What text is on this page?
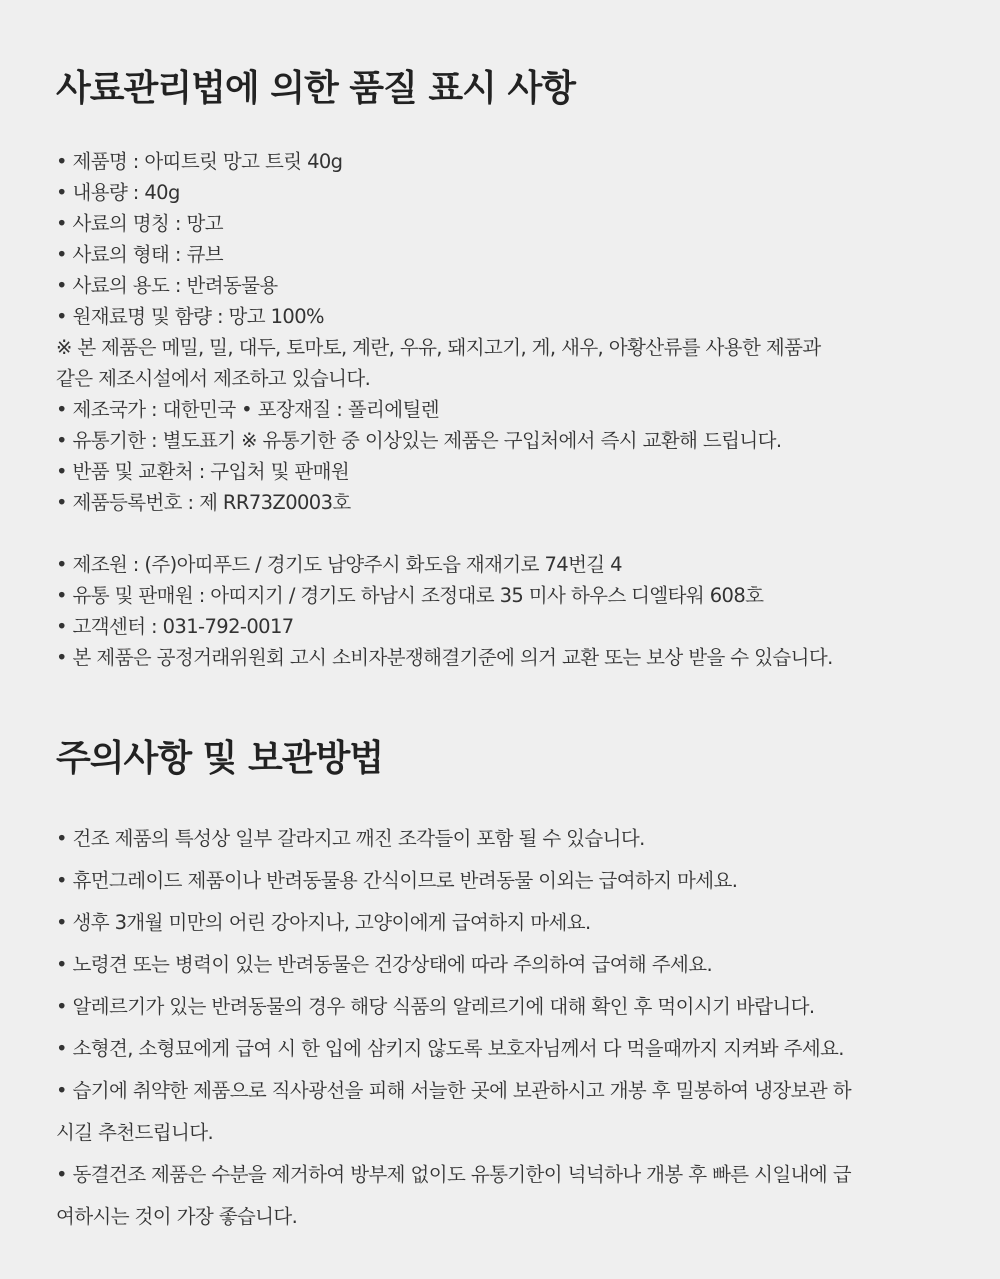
사료관리법에 의한 품질 표시 사항
• 제품명 : 아띠트릿 망고 트릿 40g
• 내용량 : 40g
• 사료의 명칭 : 망고
• 사료의 형태 : 큐브
• 사료의 용도 : 반려동물용
• 원재료명 및 함량 : 망고 100%
※ 본 제품은 메밀, 밀, 대두, 토마토, 계란, 우유, 돼지고기, 게, 새우, 아황산류를 사용한 제품과
같은 제조시설에서 제조하고 있습니다.
• 제조국가 : 대한민국 • 포장재질 : 폴리에틸렌
• 유통기한 : 별도표기 ※ 유통기한 중 이상있는 제품은 구입처에서 즉시 교환해 드립니다.
• 반품 및 교환처 : 구입처 및 판매원
• 제품등록번호 : 제 RR73Z0003호
• 제조원 : (주)아띠푸드 / 경기도 남양주시 화도읍 재재기로 74번길 4
• 유통 및 판매원 : 아띠지기 / 경기도 하남시 조정대로 35 미사 하우스 디엘타워 608호
• 고객센터 : 031-792-0017
• 본 제품은 공정거래위원회 고시 소비자분쟁해결기준에 의거 교환 또는 보상 받을 수 있습니다.
주의사항 및 보관방법
• 건조 제품의 특성상 일부 갈라지고 깨진 조각들이 포함 될 수 있습니다.
• 휴먼그레이드 제품이나 반려동물용 간식이므로 반려동물 이외는 급여하지 마세요.
• 생후 3개월 미만의 어린 강아지나, 고양이에게 급여하지 마세요.
• 노령견 또는 병력이 있는 반려동물은 건강상태에 따라 주의하여 급여해 주세요.
• 알레르기가 있는 반려동물의 경우 해당 식품의 알레르기에 대해 확인 후 먹이시기 바랍니다.
• 소형견, 소형묘에게 급여 시 한 입에 삼키지 않도록 보호자님께서 다 먹을때까지 지켜봐 주세요.
• 습기에 취약한 제품으로 직사광선을 피해 서늘한 곳에 보관하시고 개봉 후 밀봉하여 냉장보관 하
시길 추천드립니다.
• 동결건조 제품은 수분을 제거하여 방부제 없이도 유통기한이 넉넉하나 개봉 후 빠른 시일내에 급
여하시는 것이 가장 좋습니다.
